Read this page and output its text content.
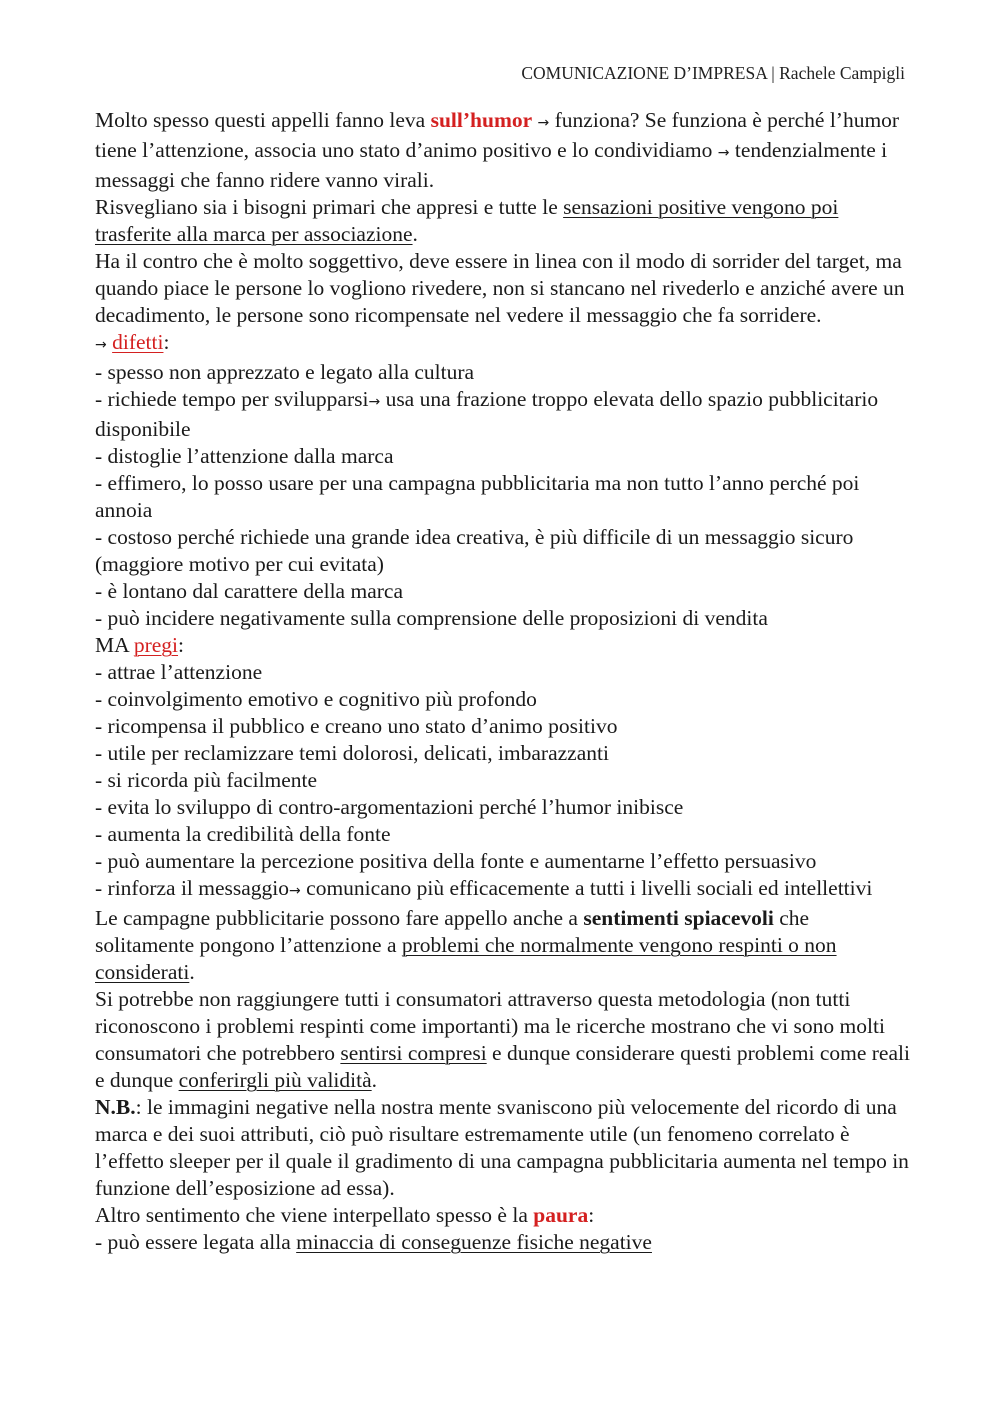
COMUNICAZIONE D’IMPRESA | Rachele Campigli

Molto spesso questi appelli fanno leva sull’humor → funziona? Se funziona è perché l’humor tiene l’attenzione, associa uno stato d’animo positivo e lo condividiamo → tendenzialmente i messaggi che fanno ridere vanno virali.

Risvegliano sia i bisogni primari che appresi e tutte le sensazioni positive vengono poi trasferite alla marca per associazione.

Ha il contro che è molto soggettivo, deve essere in linea con il modo di sorrider del target, ma quando piace le persone lo vogliono rivedere, non si stancano nel rivederlo e anziché avere un decadimento, le persone sono ricompensate nel vedere il messaggio che fa sorridere.

→ difetti:

- spesso non apprezzato e legato alla cultura

- richiede tempo per svilupparsi→ usa una frazione troppo elevata dello spazio pubblicitario disponibile

- distoglie l’attenzione dalla marca

- effimero, lo posso usare per una campagna pubblicitaria ma non tutto l’anno perché poi annoia

- costoso perché richiede una grande idea creativa, è più difficile di un messaggio sicuro (maggiore motivo per cui evitata)

- è lontano dal carattere della marca

- può incidere negativamente sulla comprensione delle proposizioni di vendita

MA pregi:

- attrae l’attenzione

- coinvolgimento emotivo e cognitivo più profondo

- ricompensa il pubblico e creano uno stato d’animo positivo

- utile per reclamizzare temi dolorosi, delicati, imbarazzanti

- si ricorda più facilmente

- evita lo sviluppo di contro-argomentazioni perché l’humor inibisce

- aumenta la credibilità della fonte

- può aumentare la percezione positiva della fonte e aumentarne l’effetto persuasivo

- rinforza il messaggio→ comunicano più efficacemente a tutti i livelli sociali ed intellettivi

Le campagne pubblicitarie possono fare appello anche a sentimenti spiacevoli che solitamente pongono l’attenzione a problemi che normalmente vengono respinti o non considerati.

Si potrebbe non raggiungere tutti i consumatori attraverso questa metodologia (non tutti riconoscono i problemi respinti come importanti) ma le ricerche mostrano che vi sono molti consumatori che potrebbero sentirsi compresi e dunque considerare questi problemi come reali e dunque conferirgli più validità.

N.B.: le immagini negative nella nostra mente svaniscono più velocemente del ricordo di una marca e dei suoi attributi, ciò può risultare estremamente utile (un fenomeno correlato è l’effetto sleeper per il quale il gradimento di una campagna pubblicitaria aumenta nel tempo in funzione dell’esposizione ad essa).

Altro sentimento che viene interpellato spesso è la paura:

- può essere legata alla minaccia di conseguenze fisiche negative
